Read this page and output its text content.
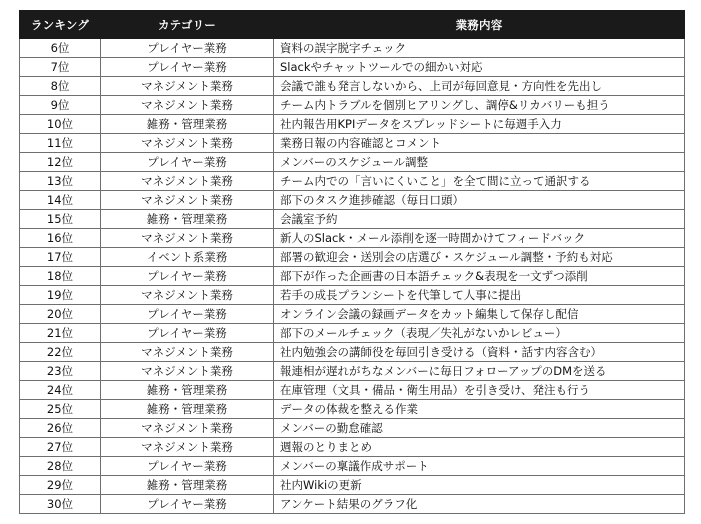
ランキング	カテゴリー	業務内容
6位	プレイヤー業務	資料の誤字脱字チェック
7位	プレイヤー業務	Slackやチャットツールでの細かい対応
8位	マネジメント業務	会議で誰も発言しないから、上司が毎回意見・方向性を先出し
9位	マネジメント業務	チーム内トラブルを個別ヒアリングし、調停&リカバリーも担う
10位	雑務・管理業務	社内報告用KPIデータをスプレッドシートに毎週手入力
11位	マネジメント業務	業務日報の内容確認とコメント
12位	プレイヤー業務	メンバーのスケジュール調整
13位	マネジメント業務	チーム内での「言いにくいこと」を全て間に立って通訳する
14位	マネジメント業務	部下のタスク進捗確認（毎日口頭）
15位	雑務・管理業務	会議室予約
16位	マネジメント業務	新人のSlack・メール添削を逐一時間かけてフィードバック
17位	イベント系業務	部署の歓迎会・送別会の店選び・スケジュール調整・予約も対応
18位	プレイヤー業務	部下が作った企画書の日本語チェック&表現を一文ずつ添削
19位	マネジメント業務	若手の成長プランシートを代筆して人事に提出
20位	プレイヤー業務	オンライン会議の録画データをカット編集して保存し配信
21位	プレイヤー業務	部下のメールチェック（表現／失礼がないかレビュー）
22位	マネジメント業務	社内勉強会の講師役を毎回引き受ける（資料・話す内容含む）
23位	マネジメント業務	報連相が遅れがちなメンバーに毎日フォローアップのDMを送る
24位	雑務・管理業務	在庫管理（文具・備品・衛生用品）を引き受け、発注も行う
25位	雑務・管理業務	データの体裁を整える作業
26位	マネジメント業務	メンバーの勤怠確認
27位	マネジメント業務	週報のとりまとめ
28位	プレイヤー業務	メンバーの稟議作成サポート
29位	雑務・管理業務	社内Wikiの更新
30位	プレイヤー業務	アンケート結果のグラフ化
